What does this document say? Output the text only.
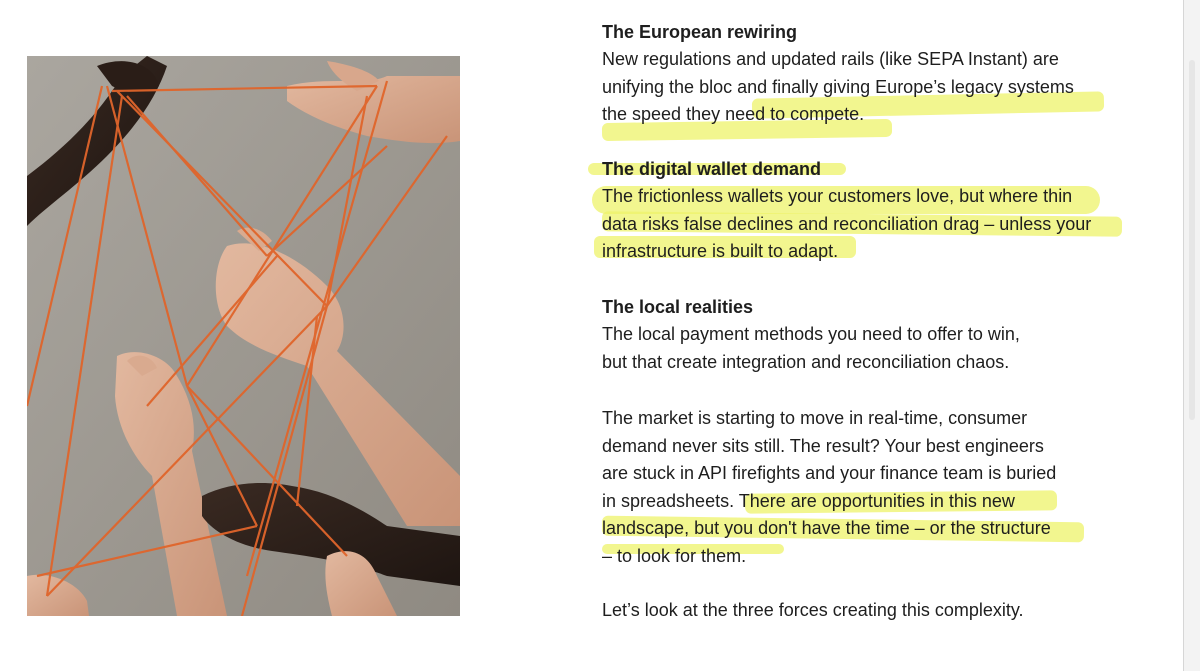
The European rewiring

New regulations and updated rails (like SEPA Instant) are

unifying the bloc and finally giving Europe’s legacy systems

the speed they need to compete.

The digital wallet demand

The frictionless wallets your customers love, but where thin

data risks false declines and reconciliation drag – unless your

infrastructure is built to adapt.

The local realities

The local payment methods you need to offer to win,

but that create integration and reconciliation chaos.

The market is starting to move in real-time, consumer

demand never sits still. The result? Your best engineers

are stuck in API firefights and your finance team is buried

in spreadsheets. There are opportunities in this new

landscape, but you don't have the time – or the structure

– to look for them.

Let’s look at the three forces creating this complexity.
